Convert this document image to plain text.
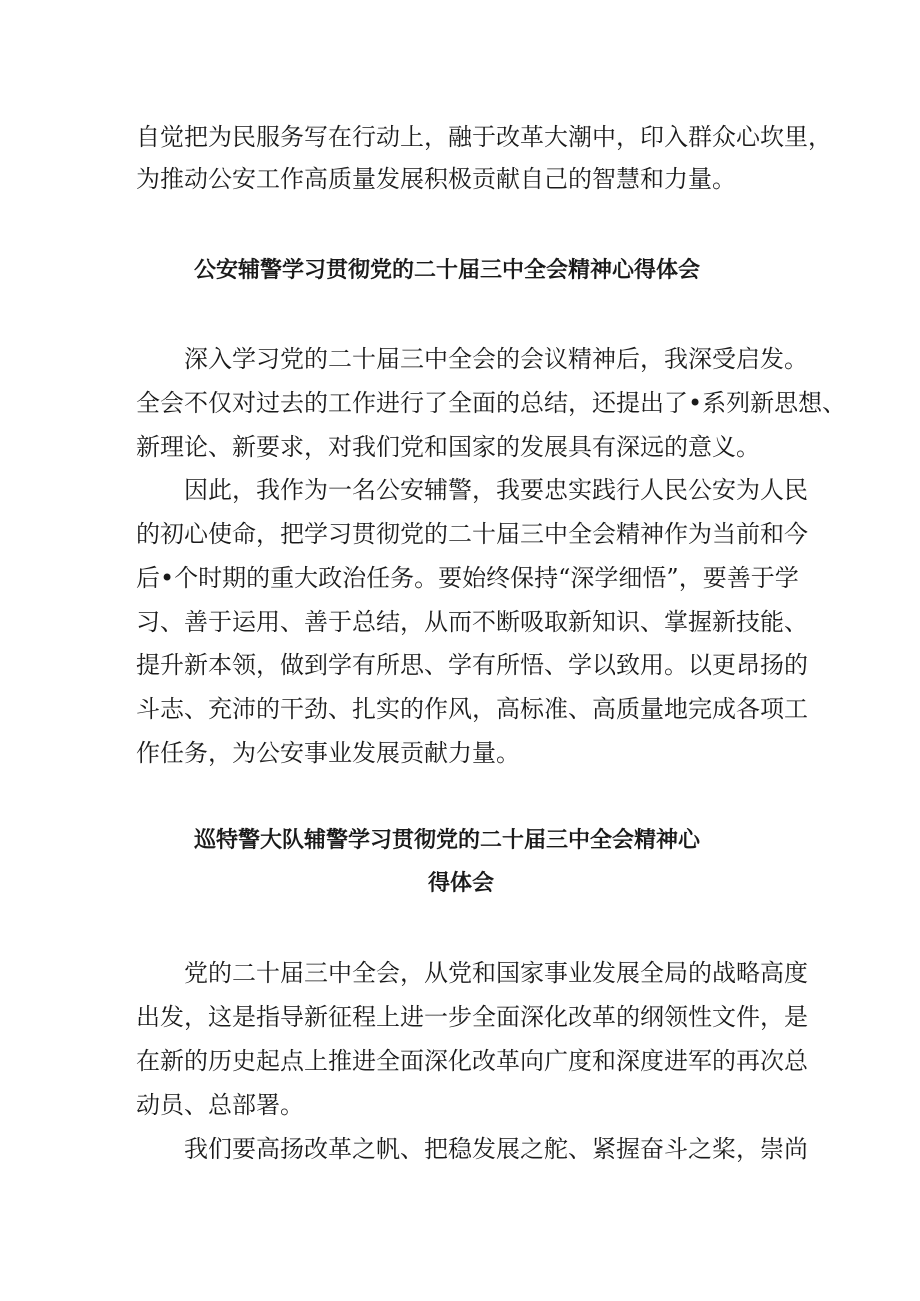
自觉把为民服务写在行动上，融于改革大潮中，印入群众心坎里，
为推动公安工作高质量发展积极贡献自己的智慧和力量。
公安辅警学习贯彻党的二十届三中全会精神心得体会
深入学习党的二十届三中全会的会议精神后，我深受启发。
全会不仅对过去的工作进行了全面的总结，还提出了•系列新思想、
新理论、新要求，对我们党和国家的发展具有深远的意义。
因此，我作为一名公安辅警，我要忠实践行人民公安为人民
的初心使命，把学习贯彻党的二十届三中全会精神作为当前和今
后•个时期的重大政治任务。要始终保持“深学细悟”，要善于学
习、善于运用、善于总结，从而不断吸取新知识、掌握新技能、
提升新本领，做到学有所思、学有所悟、学以致用。以更昂扬的
斗志、充沛的干劲、扎实的作风，高标准、高质量地完成各项工
作任务，为公安事业发展贡献力量。
巡特警大队辅警学习贯彻党的二十届三中全会精神心
得体会
党的二十届三中全会，从党和国家事业发展全局的战略高度
出发，这是指导新征程上进一步全面深化改革的纲领性文件，是
在新的历史起点上推进全面深化改革向广度和深度进军的再次总
动员、总部署。
我们要高扬改革之帆、把稳发展之舵、紧握奋斗之桨，崇尚
